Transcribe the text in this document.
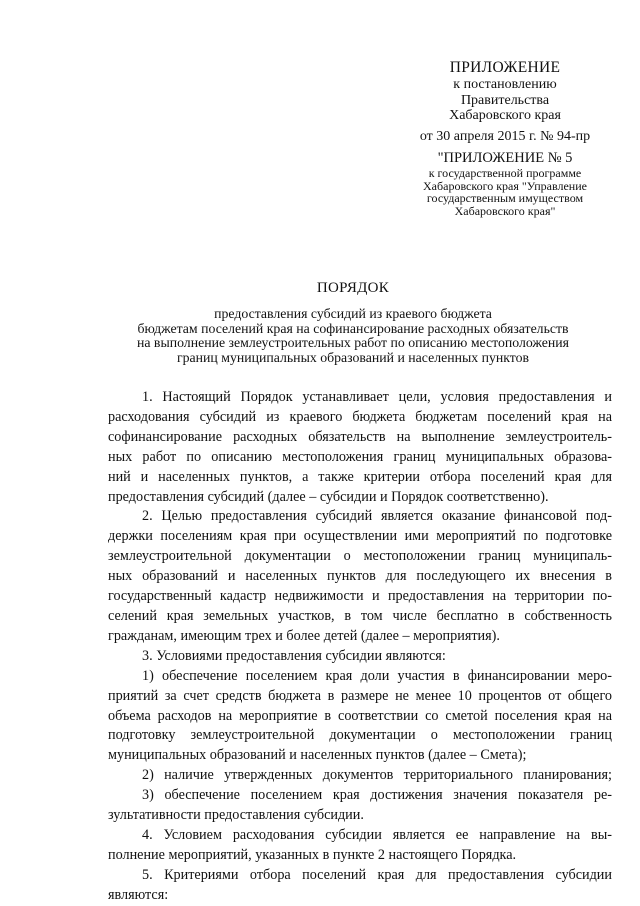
ПРИЛОЖЕНИЕ
к постановлению
Правительства
Хабаровского края
от 30 апреля 2015 г. № 94-пр
"ПРИЛОЖЕНИЕ № 5
к государственной программе
Хабаровского края "Управление
государственным имуществом
Хабаровского края"
ПОРЯДОК
предоставления субсидий из краевого бюджета
бюджетам поселений края на софинансирование расходных обязательств
на выполнение землеустроительных работ по описанию местоположения
границ муниципальных образований и населенных пунктов
1. Настоящий Порядок устанавливает цели, условия предоставления и
расходования субсидий из краевого бюджета бюджетам поселений края на
софинансирование расходных обязательств на выполнение землеустроитель-
ных работ по описанию местоположения границ муниципальных образова-
ний и населенных пунктов, а также критерии отбора поселений края для
предоставления субсидий (далее – субсидии и Порядок соответственно).
2. Целью предоставления субсидий является оказание финансовой под-
держки поселениям края при осуществлении ими мероприятий по подготовке
землеустроительной документации о местоположении границ муниципаль-
ных образований и населенных пунктов для последующего их внесения в
государственный кадастр недвижимости и предоставления на территории по-
селений края земельных участков, в том числе бесплатно в собственность
гражданам, имеющим трех и более детей (далее – мероприятия).
3. Условиями предоставления субсидии являются:
1) обеспечение поселением края доли участия в финансировании меро-
приятий за счет средств бюджета в размере не менее 10 процентов от общего
объема расходов на мероприятие в соответствии со сметой поселения края на
подготовку землеустроительной документации о местоположении границ
муниципальных образований и населенных пунктов (далее – Смета);
2) наличие утвержденных документов территориального планирования;
3) обеспечение поселением края достижения значения показателя ре-
зультативности предоставления субсидии.
4. Условием расходования субсидии является ее направление на вы-
полнение мероприятий, указанных в пункте 2 настоящего Порядка.
5. Критериями отбора поселений края для предоставления субсидии
являются:
